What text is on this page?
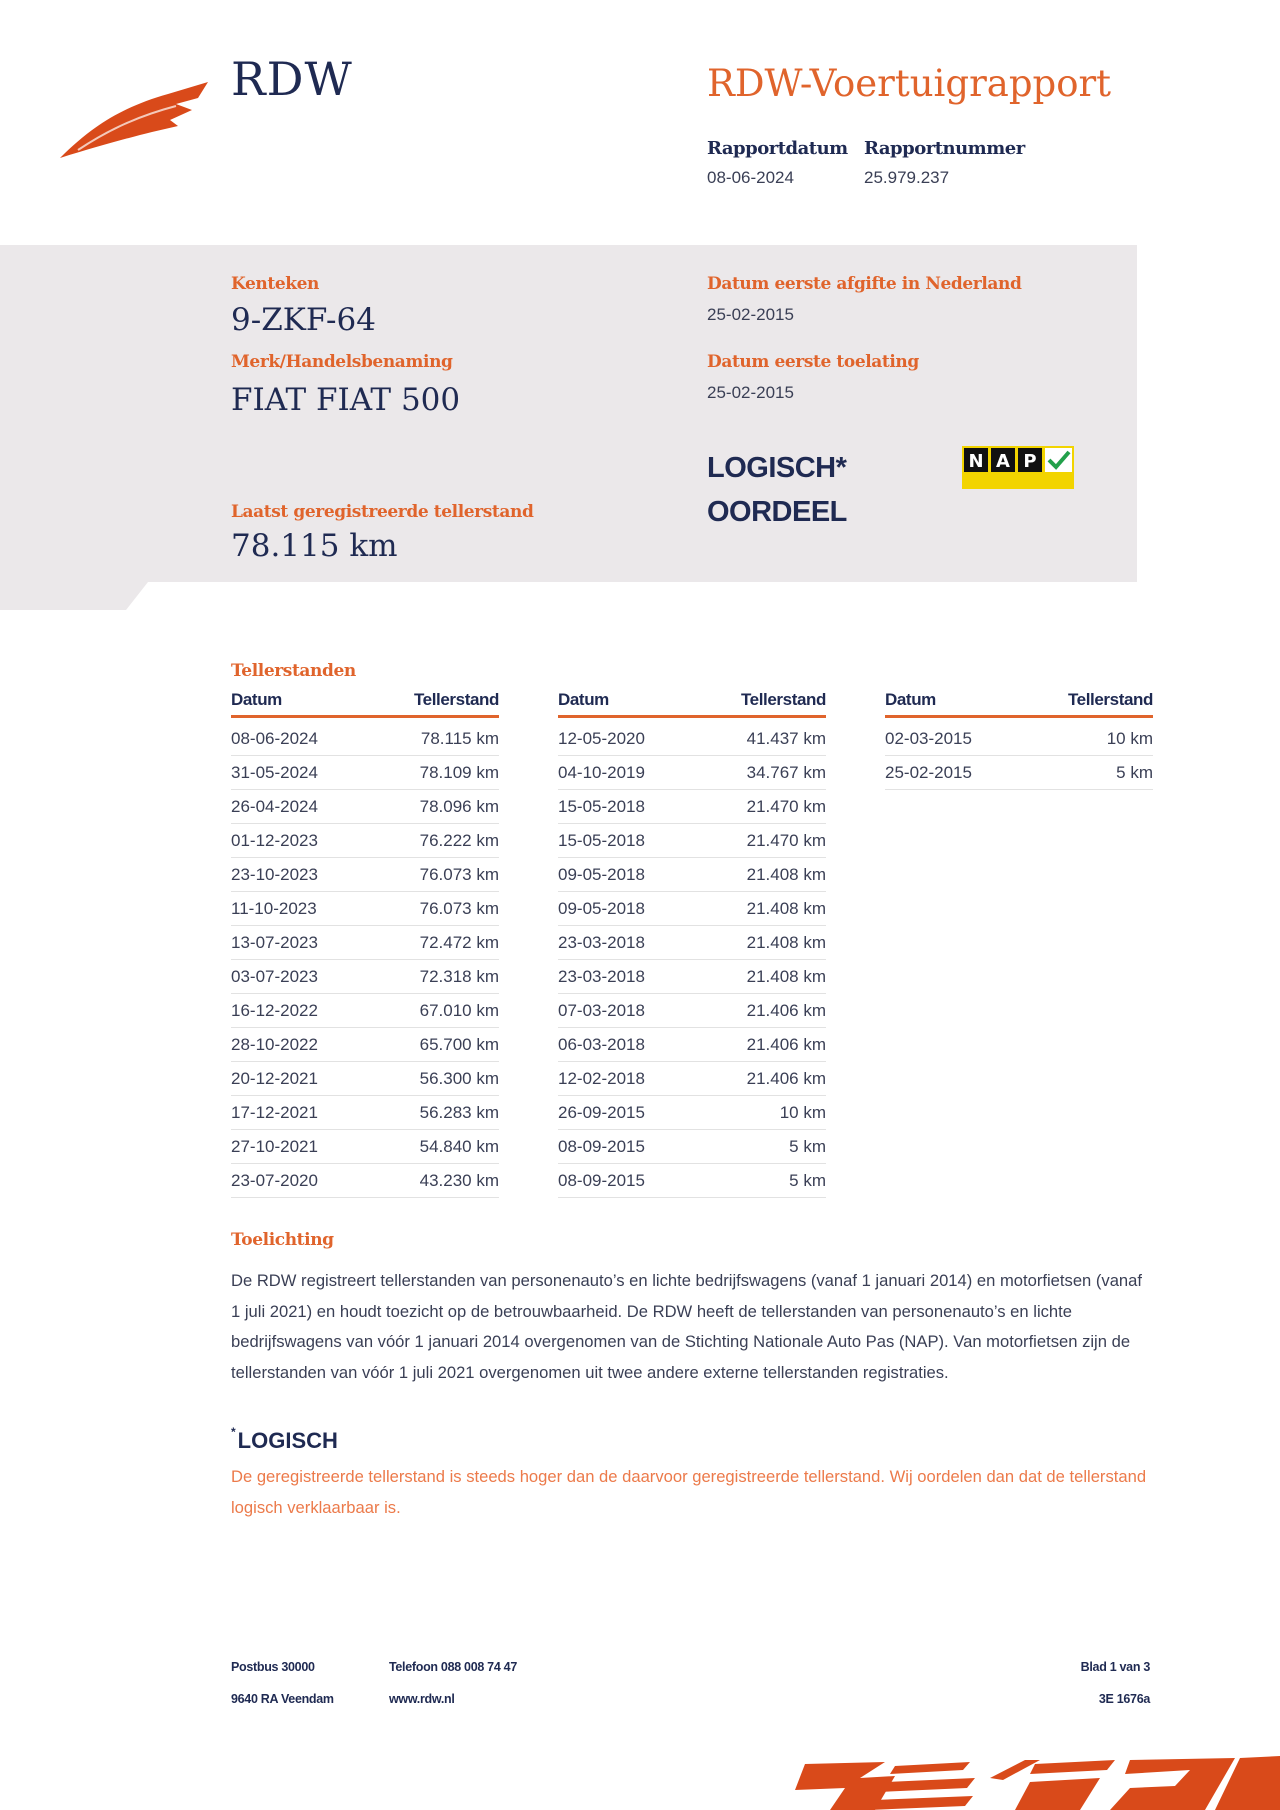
RDW	RDW-Voertuigrapport
Rapportdatum
08-06-2024
Rapportnummer
25.979.237
Kenteken
9-ZKF-64
Merk/Handelsbenaming
FIAT FIAT 500
Datum eerste afgifte in Nederland
25-02-2015
Datum eerste toelating
25-02-2015
LOGISCH*
OORDEEL
N A P
Laatst geregistreerde tellerstand
78.115 km
Tellerstanden
Datum	Tellerstand
08-06-2024	78.115 km
31-05-2024	78.109 km
26-04-2024	78.096 km
01-12-2023	76.222 km
23-10-2023	76.073 km
11-10-2023	76.073 km
13-07-2023	72.472 km
03-07-2023	72.318 km
16-12-2022	67.010 km
28-10-2022	65.700 km
20-12-2021	56.300 km
17-12-2021	56.283 km
27-10-2021	54.840 km
23-07-2020	43.230 km
Datum	Tellerstand
12-05-2020	41.437 km
04-10-2019	34.767 km
15-05-2018	21.470 km
15-05-2018	21.470 km
09-05-2018	21.408 km
09-05-2018	21.408 km
23-03-2018	21.408 km
23-03-2018	21.408 km
07-03-2018	21.406 km
06-03-2018	21.406 km
12-02-2018	21.406 km
26-09-2015	10 km
08-09-2015	5 km
08-09-2015	5 km
Datum	Tellerstand
02-03-2015	10 km
25-02-2015	5 km
Toelichting
De RDW registreert tellerstanden van personenauto’s en lichte bedrijfswagens (vanaf 1 januari 2014) en motorfietsen (vanaf 1 juli 2021) en houdt toezicht op de betrouwbaarheid. De RDW heeft de tellerstanden van personenauto’s en lichte bedrijfswagens van vóór 1 januari 2014 overgenomen van de Stichting Nationale Auto Pas (NAP). Van motorfietsen zijn de tellerstanden van vóór 1 juli 2021 overgenomen uit twee andere externe tellerstanden registraties.
*LOGISCH
De geregistreerde tellerstand is steeds hoger dan de daarvoor geregistreerde tellerstand. Wij oordelen dan dat de tellerstand logisch verklaarbaar is.
Postbus 30000
9640 RA Veendam
Telefoon 088 008 74 47
www.rdw.nl
Blad 1 van 3
3E 1676a
